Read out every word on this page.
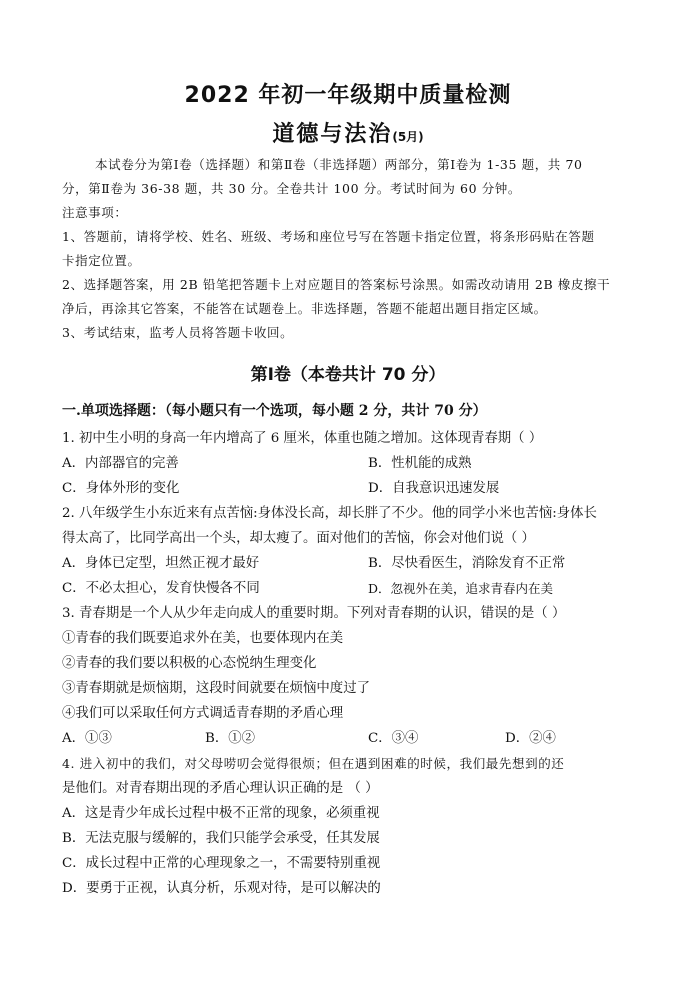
2022 年初一年级期中质量检测
道德与法治(5月)
本试卷分为第Ⅰ卷（选择题）和第Ⅱ卷（非选择题）两部分，第Ⅰ卷为 1-35 题，共 70
分，第Ⅱ卷为 36-38 题，共 30 分。全卷共计 100 分。考试时间为 60 分钟。
注意事项：
1、答题前，请将学校、姓名、班级、考场和座位号写在答题卡指定位置，将条形码贴在答题
卡指定位置。
2、选择题答案，用 2B 铅笔把答题卡上对应题目的答案标号涂黑。如需改动请用 2B 橡皮擦干
净后，再涂其它答案，不能答在试题卷上。非选择题，答题不能超出题目指定区域。
3、考试结束，监考人员将答题卡收回。
第Ⅰ卷（本卷共计 70 分）
一.单项选择题：（每小题只有一个选项，每小题 2 分，共计 70 分）
1. 初中生小明的身高一年内增高了 6 厘米，体重也随之增加。这体现青春期（ ）
A．内部器官的完善	B．性机能的成熟
C．身体外形的变化	D．自我意识迅速发展
2. 八年级学生小东近来有点苦恼:身体没长高，却长胖了不少。他的同学小米也苦恼:身体长
得太高了，比同学高出一个头，却太瘦了。面对他们的苦恼，你会对他们说（ ）
A．身体已定型，坦然正视才最好	B．尽快看医生，消除发育不正常
C．不必太担心，发育快慢各不同	D．忽视外在美，追求青春内在美
3. 青春期是一个人从少年走向成人的重要时期。下列对青春期的认识，错误的是（ ）
①青春的我们既要追求外在美，也要体现内在美
②青春的我们要以积极的心态悦纳生理变化
③青春期就是烦恼期，这段时间就要在烦恼中度过了
④我们可以采取任何方式调适青春期的矛盾心理
A．①③	B．①②	C．③④	D．②④
4. 进入初中的我们，对父母唠叨会觉得很烦；但在遇到困难的时候，我们最先想到的还
是他们。对青春期出现的矛盾心理认识正确的是 （ ）
A．这是青少年成长过程中极不正常的现象，必须重视
B．无法克服与缓解的，我们只能学会承受，任其发展
C．成长过程中正常的心理现象之一，不需要特别重视
D．要勇于正视，认真分析，乐观对待，是可以解决的
